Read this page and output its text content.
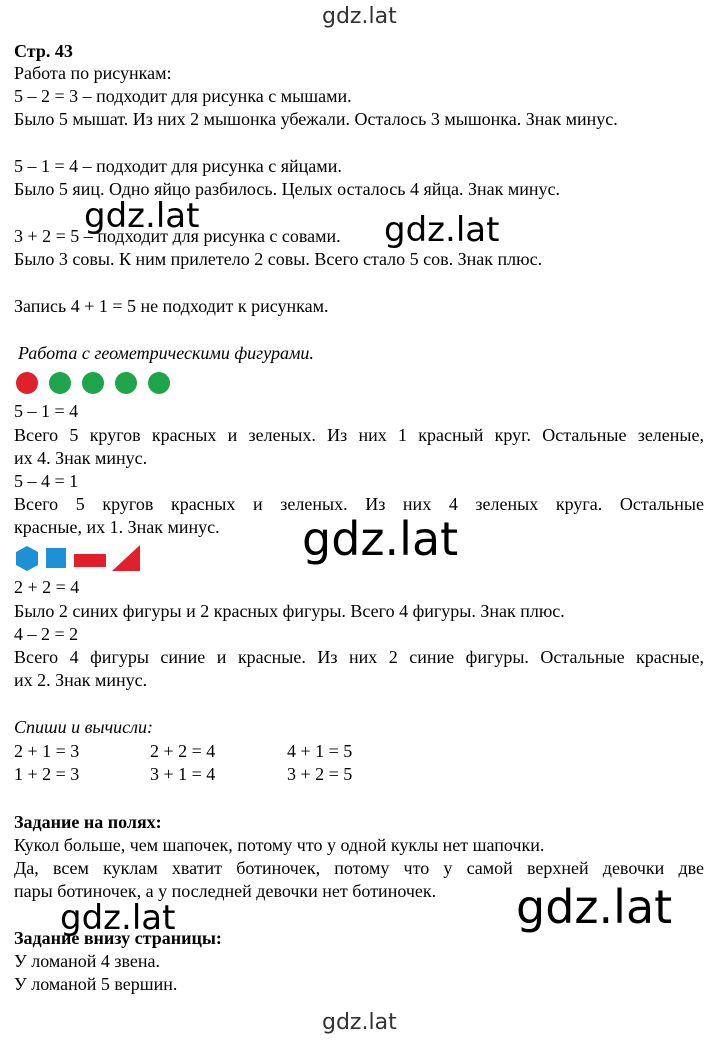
gdz.lat
Стр. 43
Работа по рисункам:
5 – 2 = 3 – подходит для рисунка с мышами.
Было 5 мышат. Из них 2 мышонка убежали. Осталось 3 мышонка. Знак минус.
5 – 1 = 4 – подходит для рисунка с яйцами.
Было 5 яиц. Одно яйцо разбилось. Целых осталось 4 яйца. Знак минус.
3 + 2 = 5 – подходит для рисунка с совами.
Было 3 совы. К ним прилетело 2 совы. Всего стало 5 сов. Знак плюс.
Запись 4 + 1 = 5 не подходит к рисункам.
gdz.lat	gdz.lat
Работа с геометрическими фигурами.
5 – 1 = 4
Всего 5 кругов красных и зеленых. Из них 1 красный круг. Остальные зеленые,
их 4. Знак минус.
5 – 4 = 1
Всего 5 кругов красных и зеленых. Из них 4 зеленых круга. Остальные
красные, их 1. Знак минус. gdz.lat
2 + 2 = 4
Было 2 синих фигуры и 2 красных фигуры. Всего 4 фигуры. Знак плюс.
4 – 2 = 2
Всего 4 фигуры синие и красные. Из них 2 синие фигуры. Остальные красные,
их 2. Знак минус.
Спиши и вычисли:
2 + 1 = 3	2 + 2 = 4	4 + 1 = 5
1 + 2 = 3	3 + 1 = 4	3 + 2 = 5
Задание на полях:
Кукол больше, чем шапочек, потому что у одной куклы нет шапочки.
Да, всем куклам хватит ботиночек, потому что у самой верхней девочки две
пары ботиночек, а у последней девочки нет ботиночек.
gdz.lat	gdz.lat
Задание внизу страницы:
У ломаной 4 звена.
У ломаной 5 вершин.
gdz.lat
